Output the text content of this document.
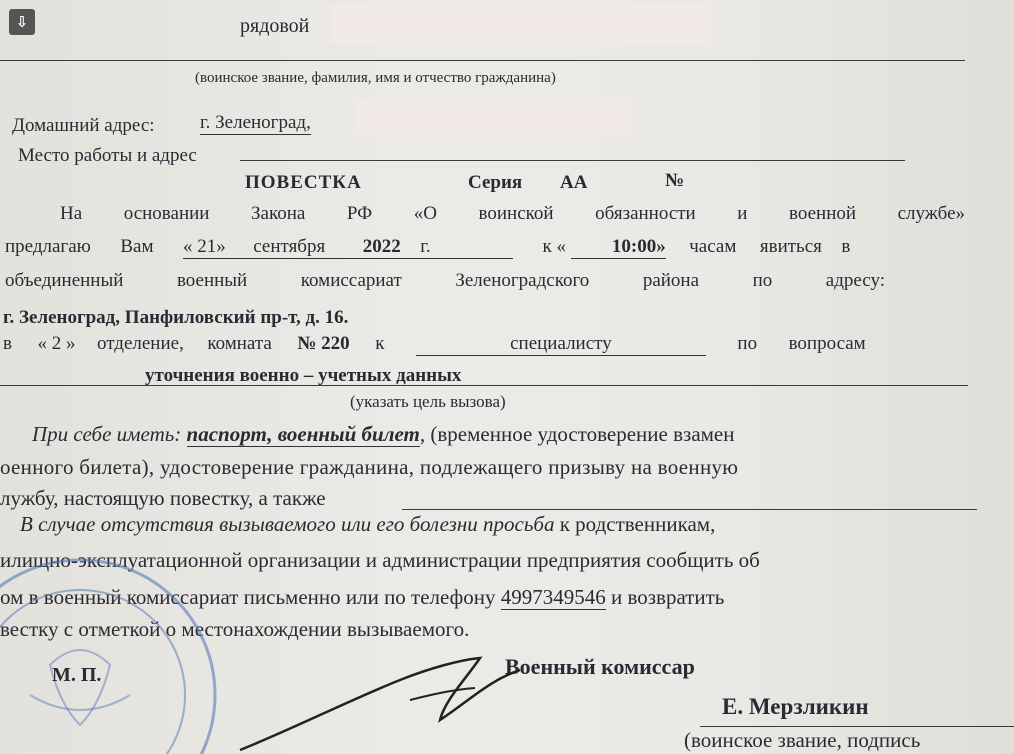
⇩	рядовой
(воинское звание, фамилия, имя и отчество гражданина)
Домашний адрес: г. Зеленоград,
Место работы и адрес
ПОВЕСТКА	Серия АА	№
На основании Закона РФ «О воинской обязанности и военной службе»
предлагаю Вам « 21» сентября 2022 г.	к « 10:00» часам явиться в
объединенный	военный	комиссариат	Зеленоградского	района	по	адресу:
г. Зеленоград, Панфиловский пр-т, д. 16.
в « 2 » отделение, комната № 220 к	специалисту	по вопросам
уточнения военно – учетных данных
(указать цель вызова)
При себе иметь: паспорт, военный билет, (временное удостоверение взамен
оенного билета), удостоверение гражданина, подлежащего призыву на военную
лужбу, настоящую повестку, а также
В случае отсутствия вызываемого или его болезни просьба к родственникам,
илищно-эксплуатационной организации и администрации предприятия сообщить об
ом в военный комиссариат письменно или по телефону 4997349546 и возвратить
вестку с отметкой о местонахождении вызываемого.
М. П.	Военный комиссар
Е. Мерзликин
(воинское звание, подпись
